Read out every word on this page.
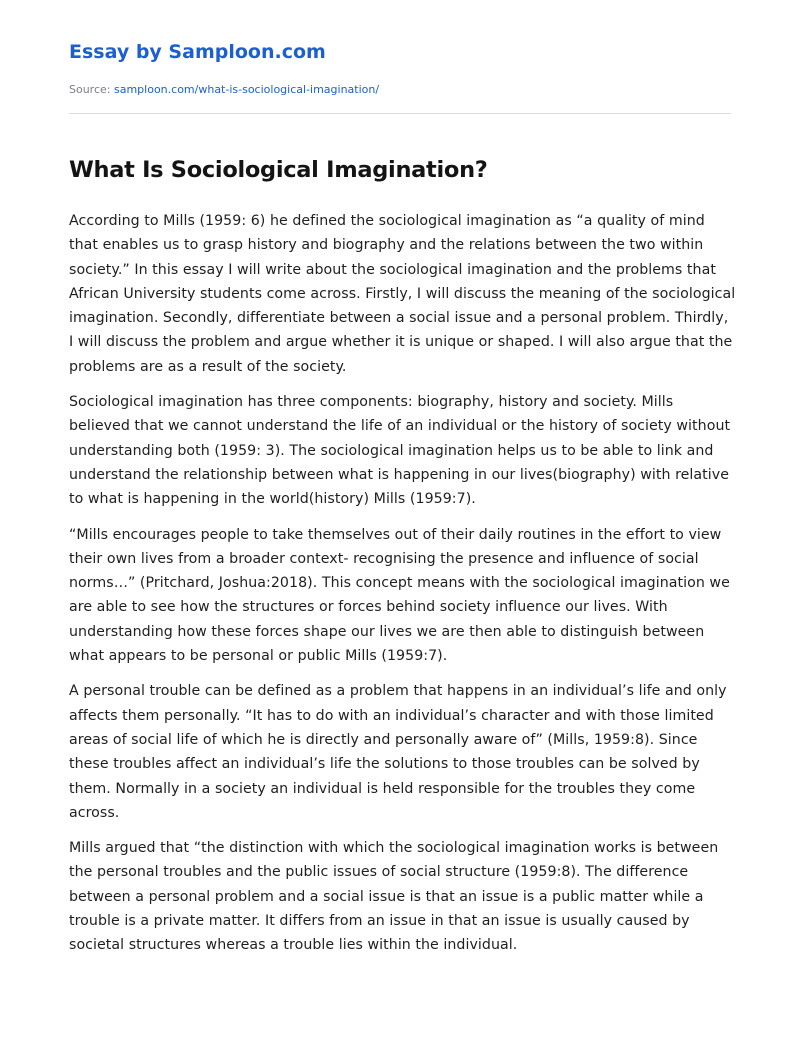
Essay by Samploon.com

Source: samploon.com/what-is-sociological-imagination/

What Is Sociological Imagination?

According to Mills (1959: 6) he defined the sociological imagination as “a quality of mind that enables us to grasp history and biography and the relations between the two within society.” In this essay I will write about the sociological imagination and the problems that African University students come across. Firstly, I will discuss the meaning of the sociological imagination. Secondly, differentiate between a social issue and a personal problem. Thirdly, I will discuss the problem and argue whether it is unique or shaped. I will also argue that the problems are as a result of the society.

Sociological imagination has three components: biography, history and society. Mills believed that we cannot understand the life of an individual or the history of society without understanding both (1959: 3). The sociological imagination helps us to be able to link and understand the relationship between what is happening in our lives(biography) with relative to what is happening in the world(history) Mills (1959:7).

“Mills encourages people to take themselves out of their daily routines in the effort to view their own lives from a broader context- recognising the presence and influence of social norms…” (Pritchard, Joshua:2018). This concept means with the sociological imagination we are able to see how the structures or forces behind society influence our lives. With understanding how these forces shape our lives we are then able to distinguish between what appears to be personal or public Mills (1959:7).

A personal trouble can be defined as a problem that happens in an individual’s life and only affects them personally. “It has to do with an individual’s character and with those limited areas of social life of which he is directly and personally aware of” (Mills, 1959:8). Since these troubles affect an individual’s life the solutions to those troubles can be solved by them. Normally in a society an individual is held responsible for the troubles they come across.

Mills argued that “the distinction with which the sociological imagination works is between the personal troubles and the public issues of social structure (1959:8). The difference between a personal problem and a social issue is that an issue is a public matter while a trouble is a private matter. It differs from an issue in that an issue is usually caused by societal structures whereas a trouble lies within the individual.
